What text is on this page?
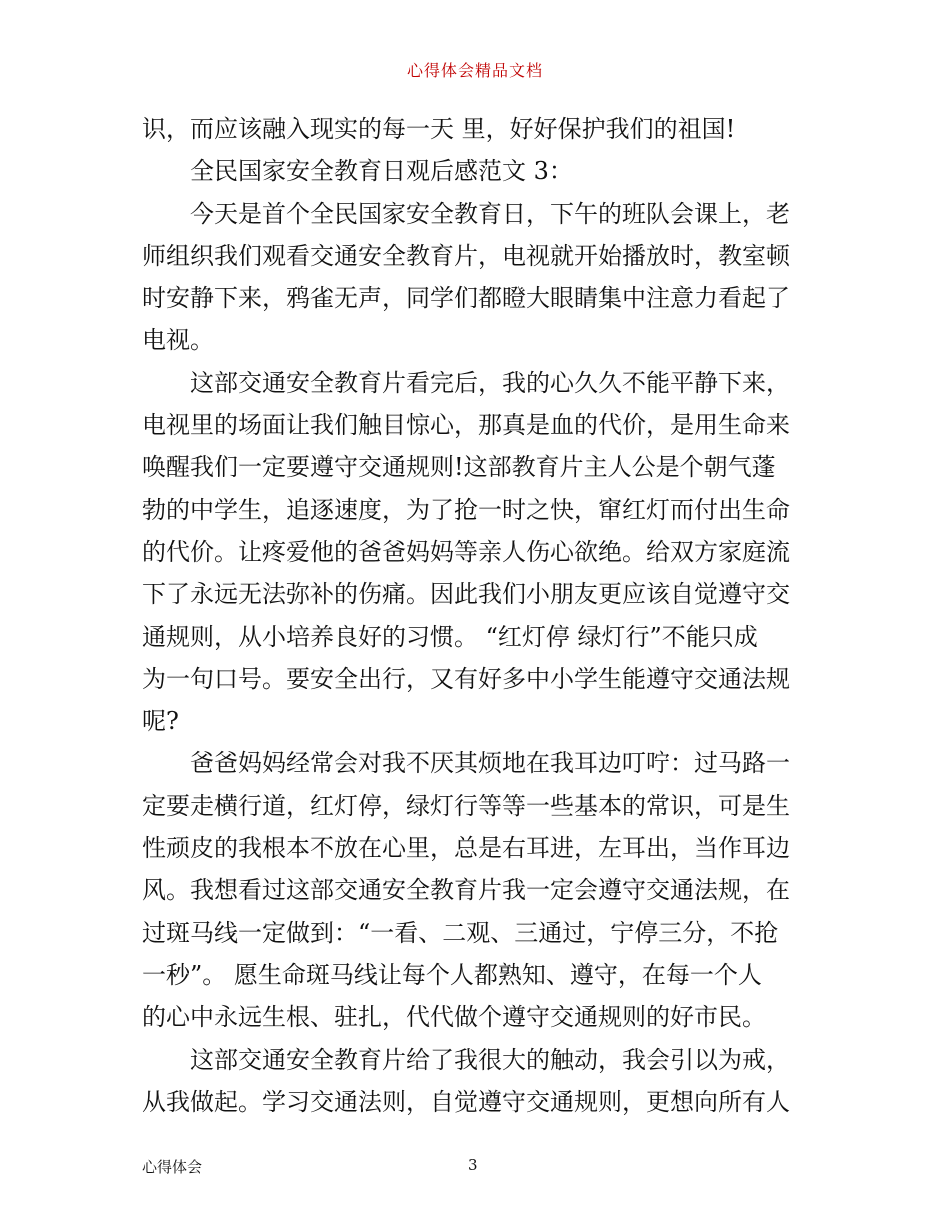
心得体会精品文档
识，而应该融入现实的每一天 里，好好保护我们的祖国!
全民国家安全教育日观后感范文 3：
今天是首个全民国家安全教育日，下午的班队会课上，老
师组织我们观看交通安全教育片，电视就开始播放时，教室顿
时安静下来，鸦雀无声，同学们都瞪大眼睛集中注意力看起了
电视。
这部交通安全教育片看完后，我的心久久不能平静下来，
电视里的场面让我们触目惊心，那真是血的代价，是用生命来
唤醒我们一定要遵守交通规则!这部教育片主人公是个朝气蓬
勃的中学生，追逐速度，为了抢一时之快，窜红灯而付出生命
的代价。让疼爱他的爸爸妈妈等亲人伤心欲绝。给双方家庭流
下了永远无法弥补的伤痛。因此我们小朋友更应该自觉遵守交
通规则，从小培养良好的习惯。 “红灯停 绿灯行”不能只成
为一句口号。要安全出行，又有好多中小学生能遵守交通法规
呢?
爸爸妈妈经常会对我不厌其烦地在我耳边叮咛：过马路一
定要走横行道，红灯停，绿灯行等等一些基本的常识，可是生
性顽皮的我根本不放在心里，总是右耳进，左耳出，当作耳边
风。我想看过这部交通安全教育片我一定会遵守交通法规，在
过斑马线一定做到：“一看、二观、三通过，宁停三分，不抢
一秒”。 愿生命斑马线让每个人都熟知、遵守，在每一个人
的心中永远生根、驻扎，代代做个遵守交通规则的好市民。
这部交通安全教育片给了我很大的触动，我会引以为戒，
从我做起。学习交通法则，自觉遵守交通规则，更想向所有人
心得体会	3
